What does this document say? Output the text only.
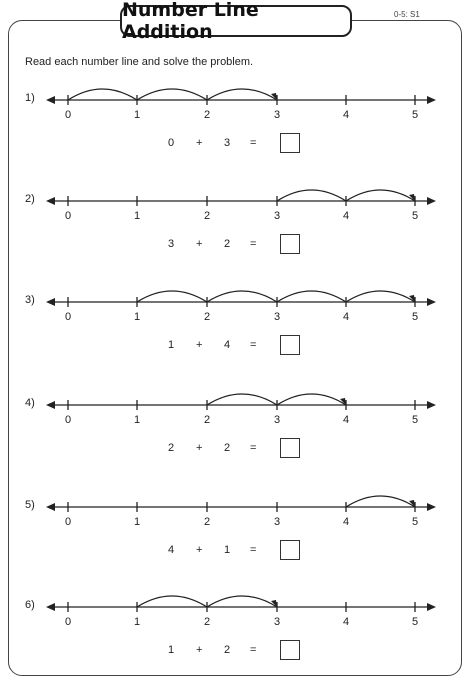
Number Line Addition
0-5: S1
Read each number line and solve the problem.
1)
0	1	2	3	4	5
0 + 3 =
2)
0	1	2	3	4	5
3 + 2 =
3)
0	1	2	3	4	5
1 + 4 =
4)
0	1	2	3	4	5
2 + 2 =
5)
0	1	2	3	4	5
4 + 1 =
6)
0	1	2	3	4	5
1 + 2 =
